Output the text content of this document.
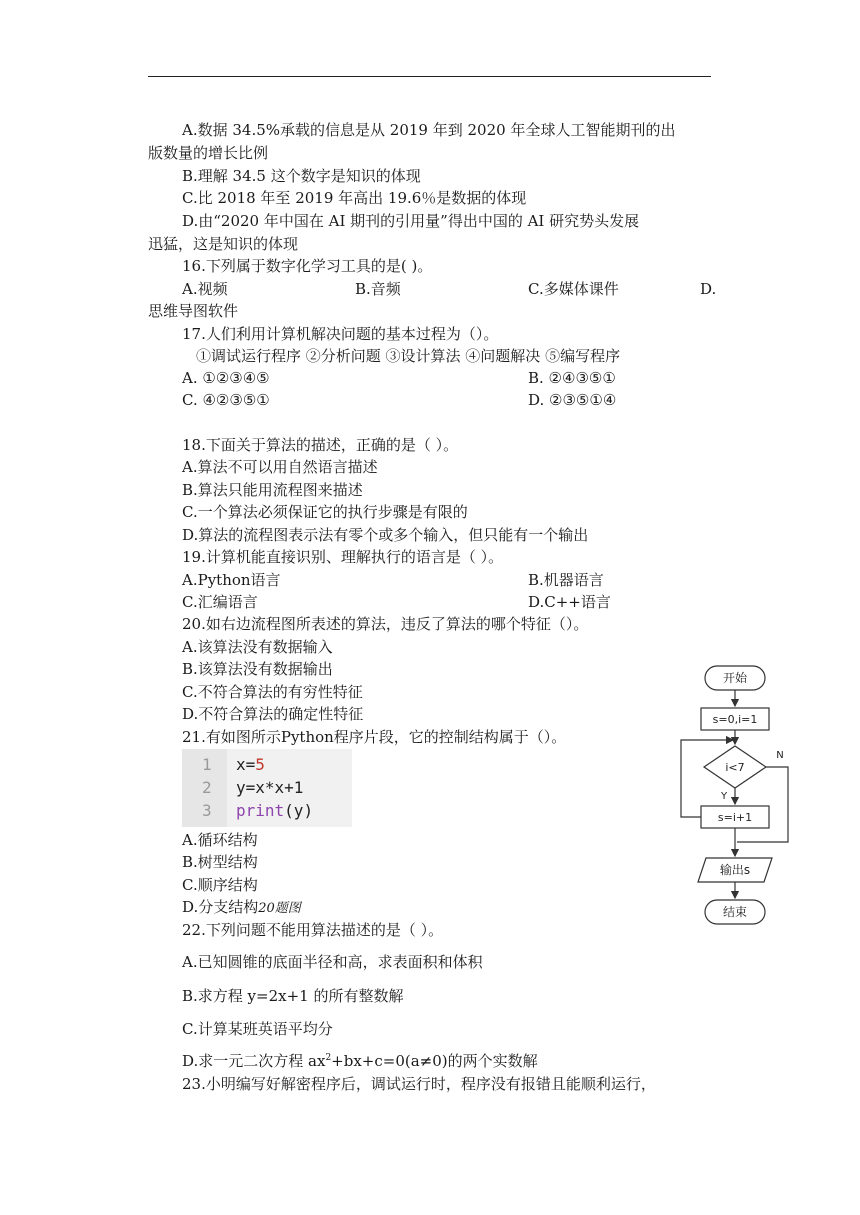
A.数据 34.5%承载的信息是从 2019 年到 2020 年全球人工智能期刊的出
版数量的增长比例
B.理解 34.5 这个数字是知识的体现
C.比 2018 年至 2019 年高出 19.6％是数据的体现
D.由“2020 年中国在 AI 期刊的引用量”得出中国的 AI 研究势头发展
迅猛，这是知识的体现
16.下列属于数字化学习工具的是( )。
A.视频	B.音频	C.多媒体课件	D.
思维导图软件
17.人们利用计算机解决问题的基本过程为（）。
①调试运行程序 ②分析问题 ③设计算法 ④问题解决 ⑤编写程序
A. ①②③④⑤	B. ②④③⑤①
C. ④②③⑤①	D. ②③⑤①④
18.下面关于算法的描述，正确的是（ ）。
A.算法不可以用自然语言描述
B.算法只能用流程图来描述
C.一个算法必须保证它的执行步骤是有限的
D.算法的流程图表示法有零个或多个输入，但只能有一个输出
19.计算机能直接识别、理解执行的语言是（ ）。
A.Python语言	B.机器语言
C.汇编语言	D.C++语言
20.如右边流程图所表述的算法，违反了算法的哪个特征（）。
A.该算法没有数据输入
B.该算法没有数据输出
C.不符合算法的有穷性特征
D.不符合算法的确定性特征
21.有如图所示Python程序片段，它的控制结构属于（）。
1 x=5
2 y=x*x+1
3 print(y)
A.循环结构
B.树型结构
C.顺序结构
D.分支结构20题图
22.下列问题不能用算法描述的是（ ）。
A.已知圆锥的底面半径和高，求表面积和体积
B.求方程 y=2x+1 的所有整数解
C.计算某班英语平均分
D.求一元二次方程 $ax^2+bx+c=0(a\ne 0)$的两个实数解
23.小明编写好解密程序后，调试运行时，程序没有报错且能顺利运行，
开始
s=0,i=1
i<7
Y
N
s=i+1
输出s
结束
